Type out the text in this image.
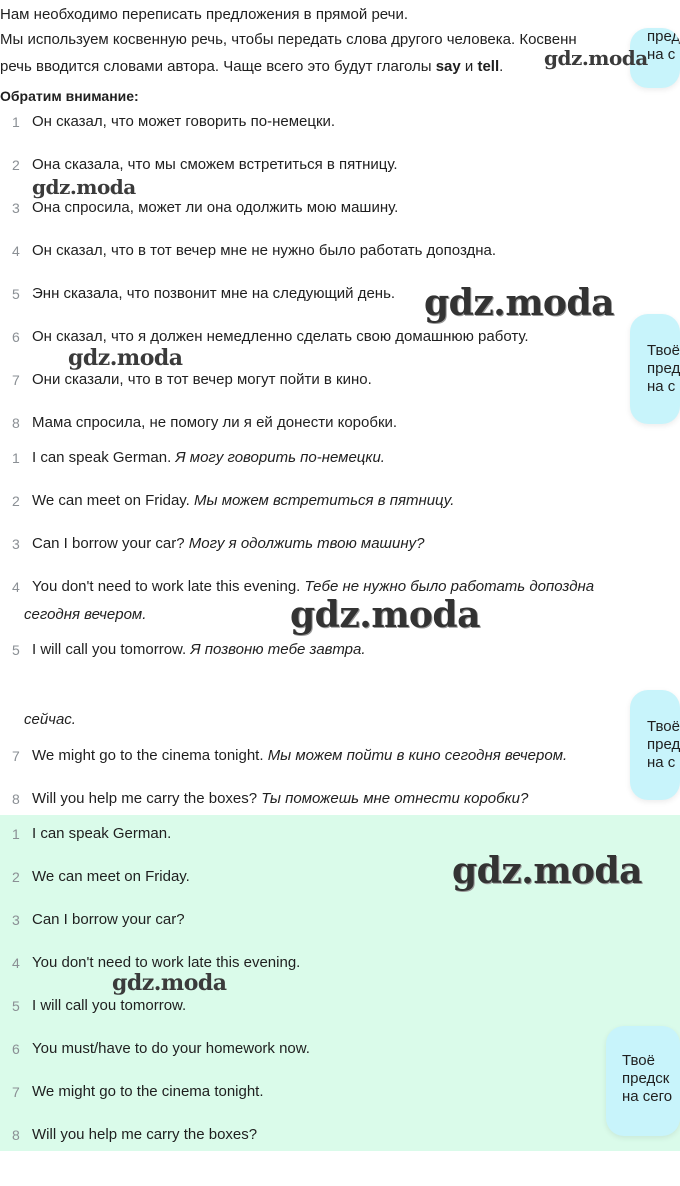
Нам необходимо переписать предложения в прямой речи.
Мы используем косвенную речь, чтобы передать слова другого человека. Косвенн
речь вводится словами автора. Чаще всего это будут глаголы say и tell.
Обратим внимание:
1 Он сказал, что может говорить по-немецки.
2 Она сказала, что мы сможем встретиться в пятницу.
3 Она спросила, может ли она одолжить мою машину.
4 Он сказал, что в тот вечер мне не нужно было работать допоздна.
5 Энн сказала, что позвонит мне на следующий день.
6 Он сказал, что я должен немедленно сделать свою домашнюю работу.
7 Они сказали, что в тот вечер могут пойти в кино.
8 Мама спросила, не помогу ли я ей донести коробки.
1 I can speak German. Я могу говорить по-немецки.
2 We can meet on Friday. Мы можем встретиться в пятницу.
3 Can I borrow your car? Могу я одолжить твою машину?
4 You don't need to work late this evening. Тебе не нужно было работать допоздна
сегодня вечером.
5 I will call you tomorrow. Я позвоню тебе завтра.
сейчас.
7 We might go to the cinema tonight. Мы можем пойти в кино сегодня вечером.
8 Will you help me carry the boxes? Ты поможешь мне отнести коробки?
1 I can speak German.
2 We can meet on Friday.
3 Can I borrow your car?
4 You don't need to work late this evening.
5 I will call you tomorrow.
6 You must/have to do your homework now.
7 We might go to the cinema tonight.
8 Will you help me carry the boxes?
пред
на с
Твоё
пред
на с
Твоё
пред
на с
Твоё
предск
на сего
gdz.moda
gdz.moda
gdz.moda
gdz.moda
gdz.moda
gdz.moda
gdz.moda
